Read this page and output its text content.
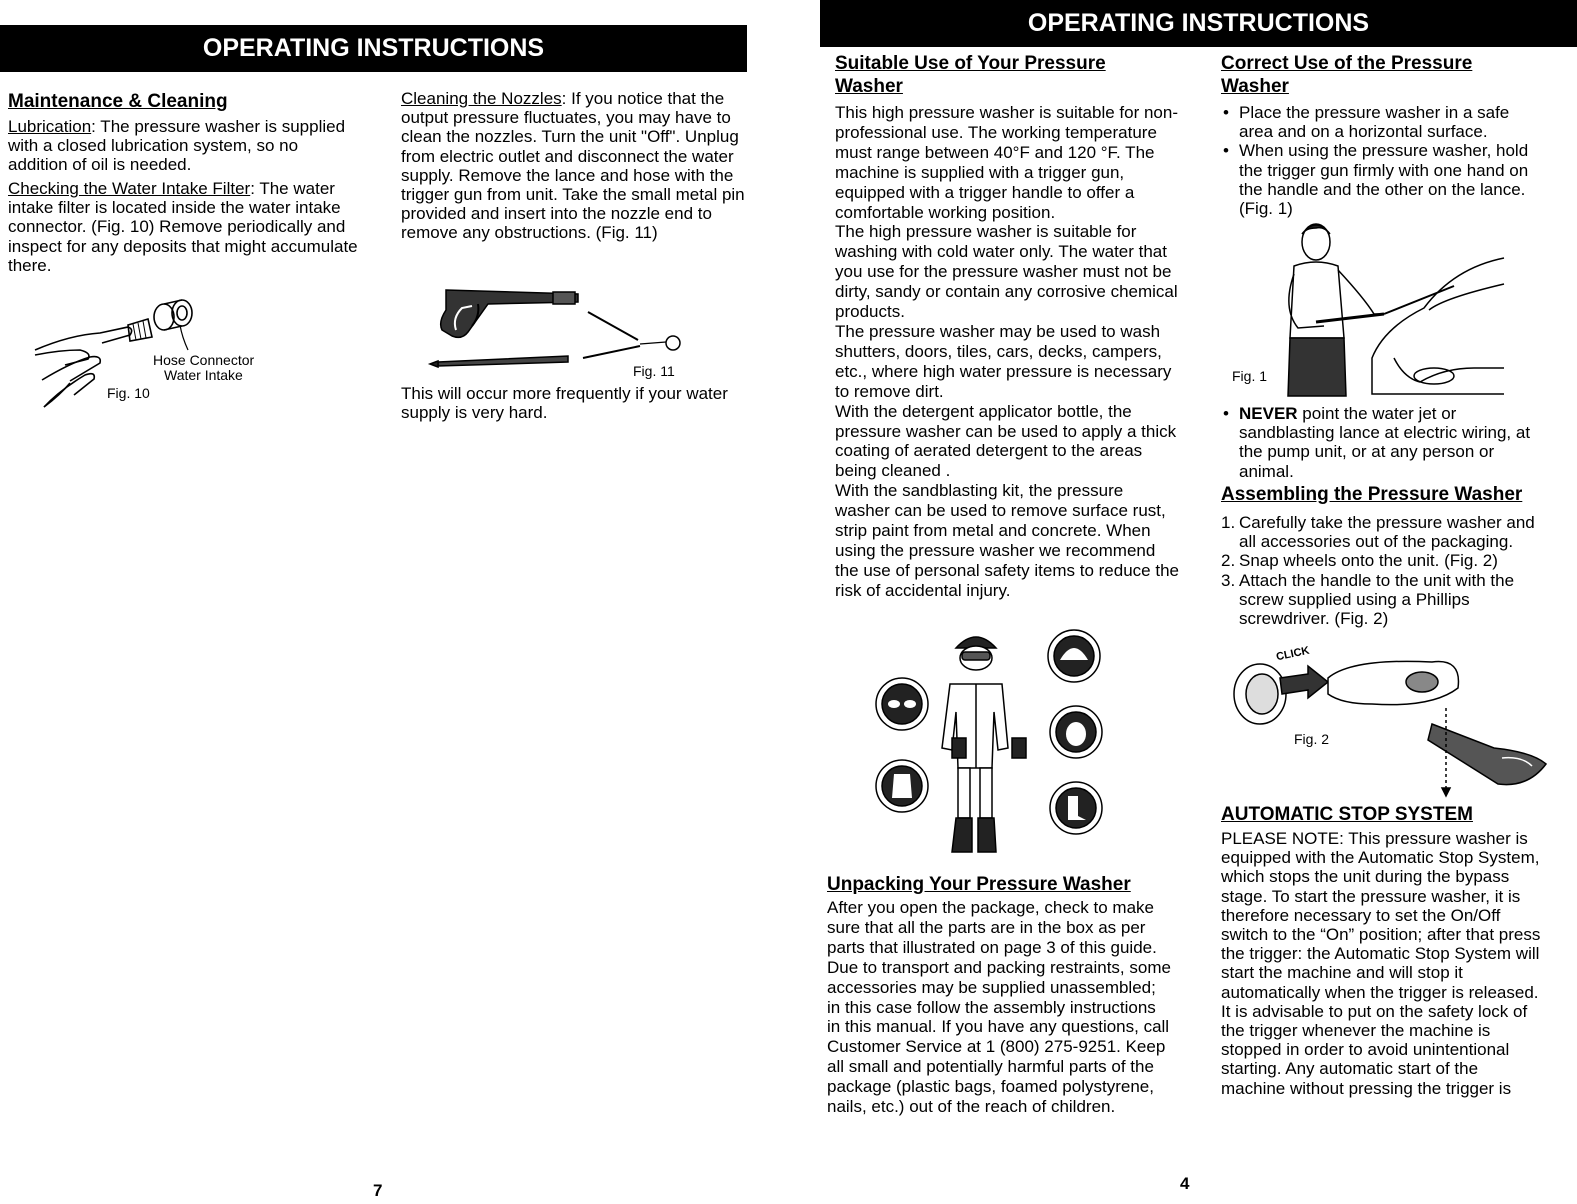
OPERATING INSTRUCTIONS
Maintenance & Cleaning

Lubrication: The pressure washer is supplied with a closed lubrication system, so no addition of oil is needed.

Checking the Water Intake Filter: The water intake filter is located inside the water intake connector. (Fig. 10) Remove periodically and inspect for any deposits that might accumulate there.

Hose Connector
Water Intake
Fig. 10

Cleaning the Nozzles: If you notice that the output pressure fluctuates, you may have to clean the nozzles. Turn the unit "Off". Unplug from electric outlet and disconnect the water supply. Remove the lance and hose with the trigger gun from unit. Take the small metal pin provided and insert into the nozzle end to remove any obstructions. (Fig. 11)

Fig. 11

This will occur more frequently if your water supply is very hard.

7
OPERATING INSTRUCTIONS
Suitable Use of Your Pressure Washer
This high pressure washer is suitable for non-professional use. The working temperature must range between 40°F and 120 °F. The machine is supplied with a trigger gun, equipped with a trigger handle to offer a comfortable working position.
The high pressure washer is suitable for washing with cold water only. The water that you use for the pressure washer must not be dirty, sandy or contain any corrosive chemical products.
The pressure washer may be used to wash shutters, doors, tiles, cars, decks, campers, etc., where high water pressure is necessary to remove dirt.
With the detergent applicator bottle, the pressure washer can be used to apply a thick coating of aerated detergent to the areas being cleaned .
With the sandblasting kit, the pressure washer can be used to remove surface rust, strip paint from metal and concrete. When using the pressure washer we recommend the use of personal safety items to reduce the risk of accidental injury.
Unpacking Your Pressure Washer

After you open the package, check to make sure that all the parts are in the box as per parts that illustrated on page 3 of this guide. Due to transport and packing restraints, some accessories may be supplied unassembled; in this case follow the assembly instructions in this manual. If you have any questions, call Customer Service at 1 (800) 275-9251. Keep all small and potentially harmful parts of the package (plastic bags, foamed polystyrene, nails, etc.) out of the reach of children.

4
Correct Use of the Pressure Washer
• Place the pressure washer in a safe area and on a horizontal surface.
• When using the pressure washer, hold the trigger gun firmly with one hand on the handle and the other on the lance. (Fig. 1)
Fig. 1
• NEVER point the water jet or sandblasting lance at electric wiring, at the pump unit, or at any person or animal.
Assembling the Pressure Washer
1. Carefully take the pressure washer and all accessories out of the packaging.
2. Snap wheels onto the unit. (Fig. 2)
3. Attach the handle to the unit with the screw supplied using a Phillips screwdriver. (Fig. 2)
CLICK
Fig. 2
AUTOMATIC STOP SYSTEM

PLEASE NOTE: This pressure washer is equipped with the Automatic Stop System, which stops the unit during the bypass stage. To start the pressure washer, it is therefore necessary to set the On/Off switch to the “On” position; after that press the trigger: the Automatic Stop System will start the machine and will stop it automatically when the trigger is released. It is advisable to put on the safety lock of the trigger whenever the machine is stopped in order to avoid unintentional starting. Any automatic start of the machine without pressing the trigger is
